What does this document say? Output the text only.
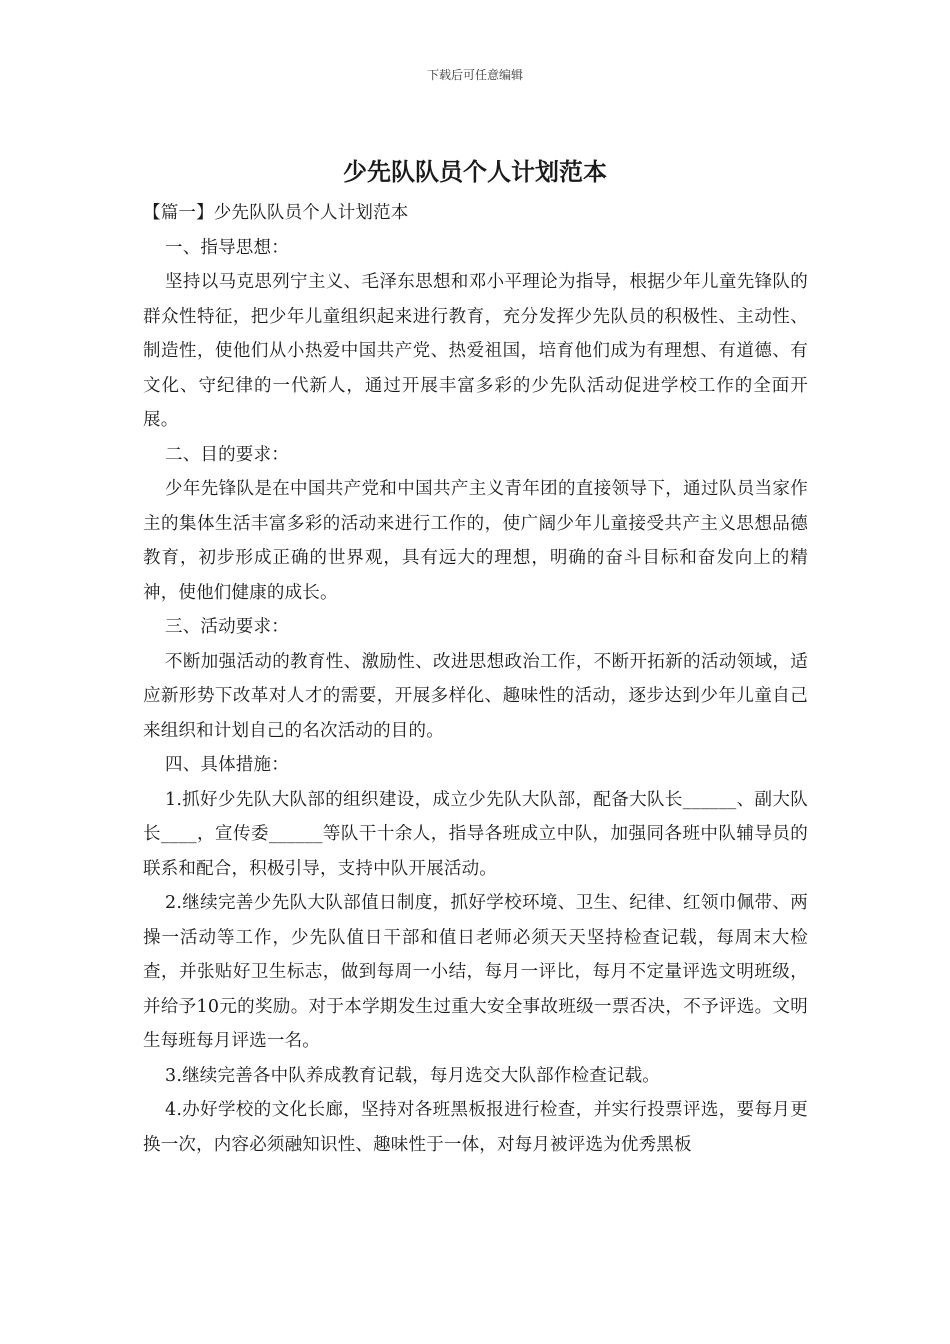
下载后可任意编辑
少先队队员个人计划范本

【篇一】少先队队员个人计划范本

一、指导思想：

坚持以马克思列宁主义、毛泽东思想和邓小平理论为指导，根据少年儿童先锋队的群众性特征，把少年儿童组织起来进行教育，充分发挥少先队员的积极性、主动性、制造性，使他们从小热爱中国共产党、热爱祖国，培育他们成为有理想、有道德、有文化、守纪律的一代新人，通过开展丰富多彩的少先队活动促进学校工作的全面开展。

二、目的要求：

少年先锋队是在中国共产党和中国共产主义青年团的直接领导下，通过队员当家作主的集体生活丰富多彩的活动来进行工作的，使广阔少年儿童接受共产主义思想品德教育，初步形成正确的世界观，具有远大的理想，明确的奋斗目标和奋发向上的精神，使他们健康的成长。

三、活动要求：

不断加强活动的教育性、激励性、改进思想政治工作，不断开拓新的活动领域，适应新形势下改革对人才的需要，开展多样化、趣味性的活动，逐步达到少年儿童自己来组织和计划自己的名次活动的目的。

四、具体措施：

1.抓好少先队大队部的组织建设，成立少先队大队部，配备大队长______、副大队长____，宣传委______等队干十余人，指导各班成立中队，加强同各班中队辅导员的联系和配合，积极引导，支持中队开展活动。

2.继续完善少先队大队部值日制度，抓好学校环境、卫生、纪律、红领巾佩带、两操一活动等工作，少先队值日干部和值日老师必须天天坚持检查记载，每周末大检查，并张贴好卫生标志，做到每周一小结，每月一评比，每月不定量评选文明班级，并给予10元的奖励。对于本学期发生过重大安全事故班级一票否决，不予评选。文明生每班每月评选一名。

3.继续完善各中队养成教育记载，每月选交大队部作检查记载。

4.办好学校的文化长廊，坚持对各班黑板报进行检查，并实行投票评选，要每月更换一次，内容必须融知识性、趣味性于一体，对每月被评选为优秀黑板
